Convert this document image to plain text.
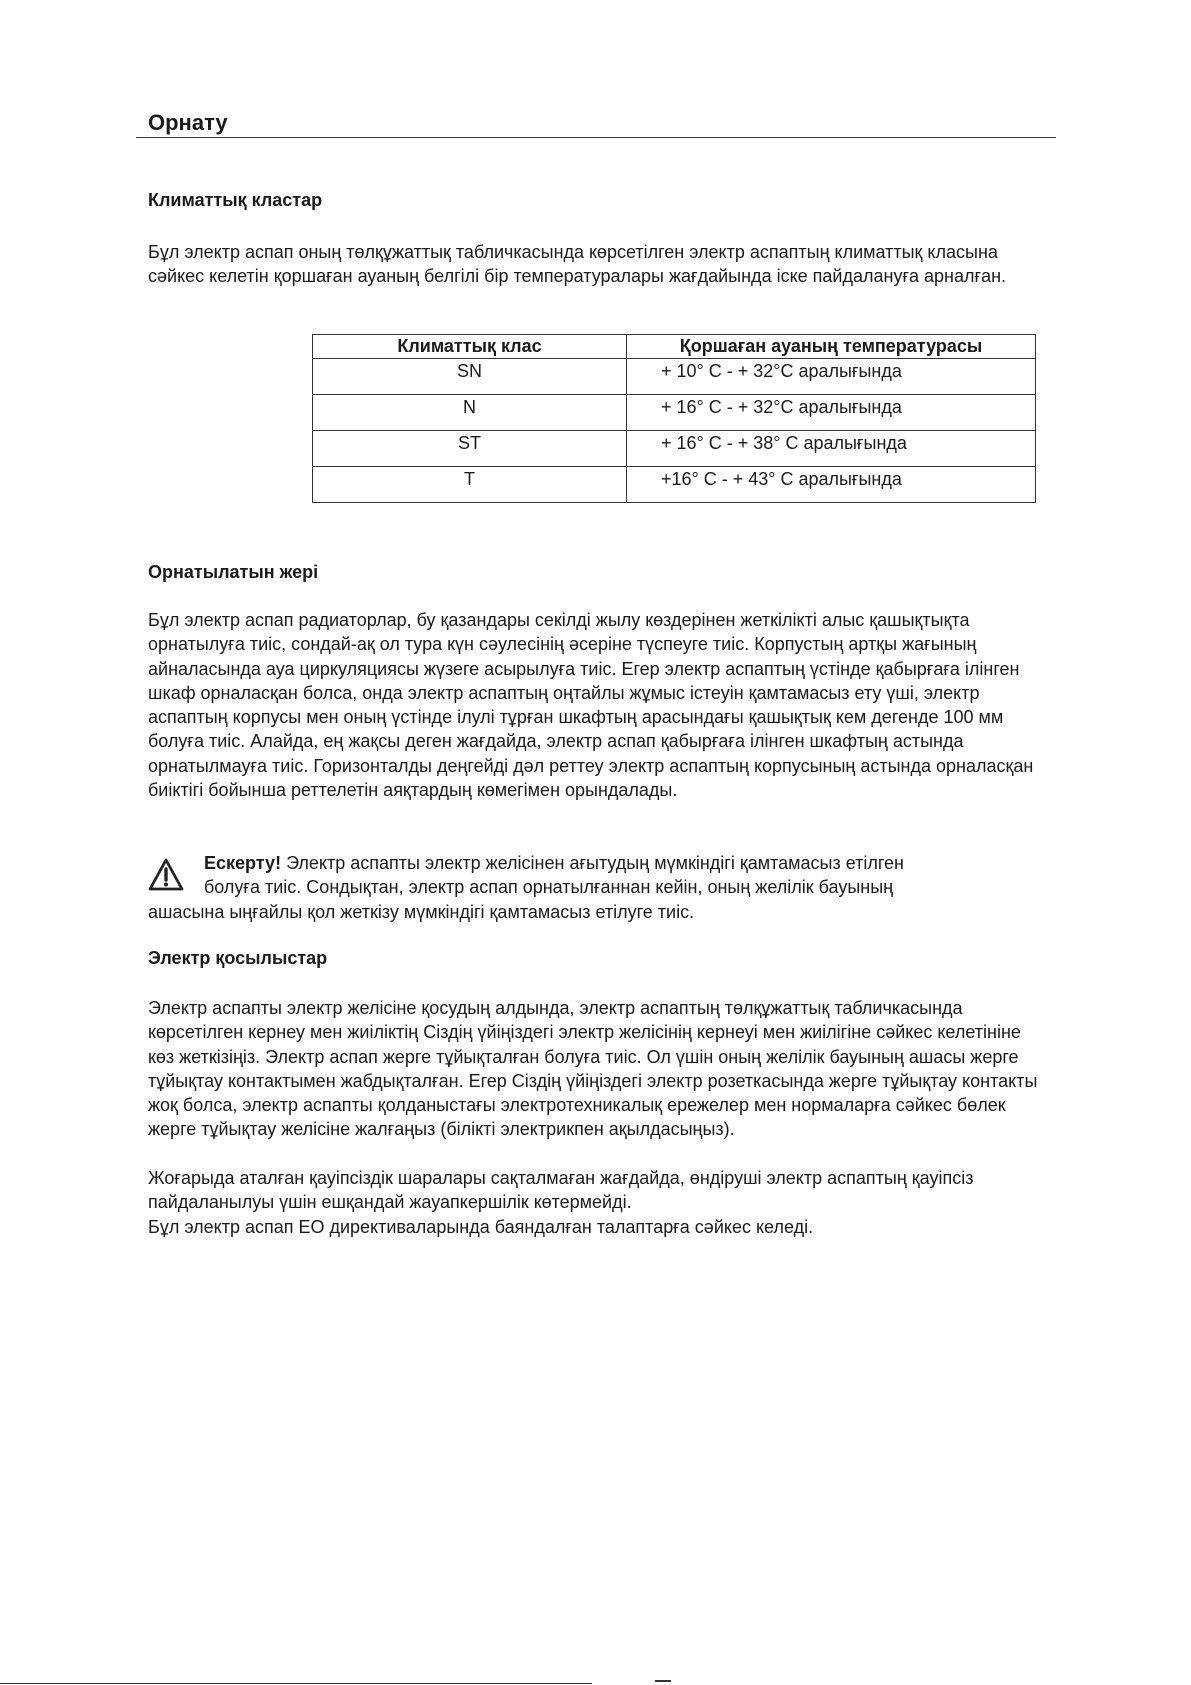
Орнату
Климаттық кластар

Бұл электр аспап оның төлқұжаттық табличкасында көрсетілген электр аспаптың климаттық класына сәйкес келетін қоршаған ауаның белгілі бір температуралары жағдайында іске пайдалануға арналған.

Климаттық клас	Қоршаған ауаның температурасы
SN	+ 10° С - + 32°С аралығында
N	+ 16° С - + 32°С аралығында
ST	+ 16° С - + 38° С аралығында
T	+16° С - + 43° С аралығында
Орнатылатын жері

Бұл электр аспап радиаторлар, бу қазандары секілді жылу көздерінен жеткілікті алыс қашықтықта орнатылуға тиіс, сондай-ақ ол тура күн сәулесінің әсеріне түспеуге тиіс. Корпустың артқы жағының айналасында ауа циркуляциясы жүзеге асырылуға тиіс. Егер электр аспаптың үстінде қабырғаға ілінген шкаф орналасқан болса, онда электр аспаптың оңтайлы жұмыс істеуін қамтамасыз ету үші, электр аспаптың корпусы мен оның үстінде ілулі тұрған шкафтың арасындағы қашықтық кем дегенде 100 мм болуға тиіс. Алайда, ең жақсы деген жағдайда, электр аспап қабырғаға ілінген шкафтың астында орнатылмауға тиіс. Горизонталды деңгейді дәл реттеу электр аспаптың корпусының астында орналасқан биіктігі бойынша реттелетін аяқтардың көмегімен орындалады.

Ескерту! Электр аспапты электр желісінен ағытудың мүмкіндігі қамтамасыз етілген
болуға тиіс. Сондықтан, электр аспап орнатылғаннан кейін, оның желілік бауының
ашасына ыңғайлы қол жеткізу мүмкіндігі қамтамасыз етілуге тиіс.

Электр қосылыстар

Электр аспапты электр желісіне қосудың алдында, электр аспаптың төлқұжаттық табличкасында көрсетілген кернеу мен жиіліктің Сіздің үйіңіздегі электр желісінің кернеуі мен жиілігіне сәйкес келетініне көз жеткізіңіз. Электр аспап жерге тұйықталған болуға тиіс. Ол үшін оның желілік бауының ашасы жерге тұйықтау контактымен жабдықталған. Егер Сіздің үйіңіздегі электр розеткасында жерге тұйықтау контакты жоқ болса, электр аспапты қолданыстағы электротехникалық ережелер мен нормаларға сәйкес бөлек жерге тұйықтау желісіне жалғаңыз (білікті электрикпен ақылдасыңыз).

Жоғарыда аталған қауіпсіздік шаралары сақталмаған жағдайда, өндіруші электр аспаптың қауіпсіз пайдаланылуы үшін ешқандай жауапкершілік көтермейді.

Бұл электр аспап ЕО директиваларында баяндалған талаптарға сәйкес келеді.
